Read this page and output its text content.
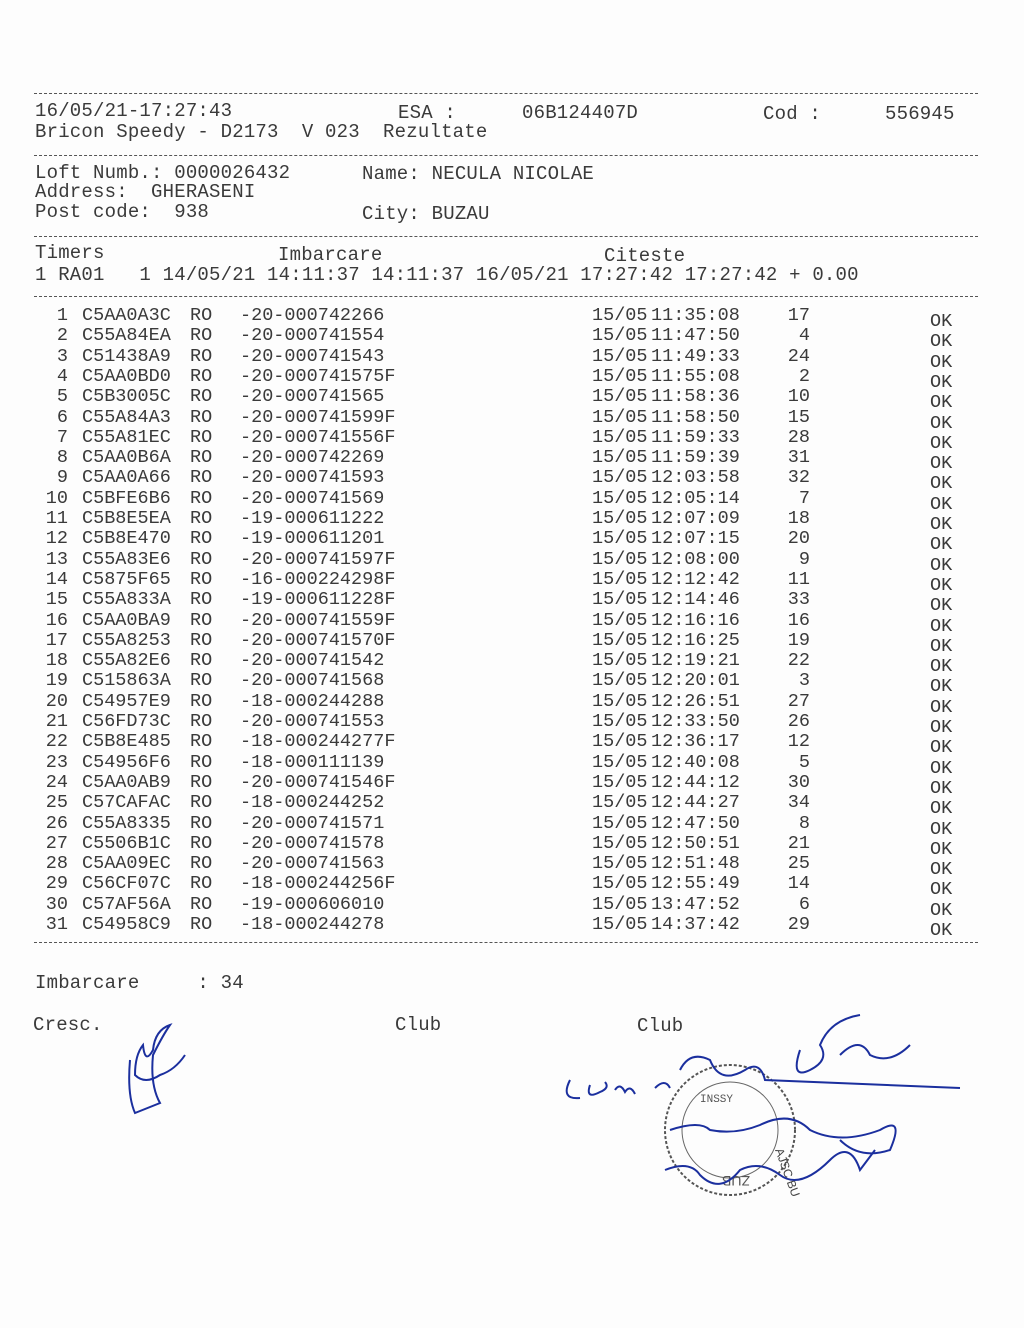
16/05/21-17:27:43	ESA :	06B124407D	Cod :	556945
Bricon Speedy - D2173  V 023  Rezultate
Loft Numb.: 0000026432	Name: NECULA NICOLAE
Address:  GHERASENI
Post code:  938	City: BUZAU
Timers	Imbarcare	Citeste
1 RA01   1 14/05/21 14:11:37 14:11:37 16/05/21 17:27:42 17:27:42 + 0.00
1 C5AA0A3C RO -20-000742266	15/05 11:35:08	17	OK
2 C55A84EA RO -20-000741554	15/05 11:47:50	4	OK
3 C51438A9 RO -20-000741543	15/05 11:49:33	24	OK
4 C5AA0BD0 RO -20-000741575F	15/05 11:55:08	2	OK
5 C5B3005C RO -20-000741565	15/05 11:58:36	10	OK
6 C55A84A3 RO -20-000741599F	15/05 11:58:50	15	OK
7 C55A81EC RO -20-000741556F	15/05 11:59:33	28	OK
8 C5AA0B6A RO -20-000742269	15/05 11:59:39	31	OK
9 C5AA0A66 RO -20-000741593	15/05 12:03:58	32	OK
10 C5BFE6B6 RO -20-000741569	15/05 12:05:14	7	OK
11 C5B8E5EA RO -19-000611222	15/05 12:07:09	18	OK
12 C5B8E470 RO -19-000611201	15/05 12:07:15	20	OK
13 C55A83E6 RO -20-000741597F	15/05 12:08:00	9	OK
14 C5875F65 RO -16-000224298F	15/05 12:12:42	11	OK
15 C55A833A RO -19-000611228F	15/05 12:14:46	33	OK
16 C5AA0BA9 RO -20-000741559F	15/05 12:16:16	16	OK
17 C55A8253 RO -20-000741570F	15/05 12:16:25	19	OK
18 C55A82E6 RO -20-000741542	15/05 12:19:21	22	OK
19 C515863A RO -20-000741568	15/05 12:20:01	3	OK
20 C54957E9 RO -18-000244288	15/05 12:26:51	27	OK
21 C56FD73C RO -20-000741553	15/05 12:33:50	26	OK
22 C5B8E485 RO -18-000244277F	15/05 12:36:17	12	OK
23 C54956F6 RO -18-000111139	15/05 12:40:08	5	OK
24 C5AA0AB9 RO -20-000741546F	15/05 12:44:12	30	OK
25 C57CAFAC RO -18-000244252	15/05 12:44:27	34	OK
26 C55A8335 RO -20-000741571	15/05 12:47:50	8	OK
27 C5506B1C RO -20-000741578	15/05 12:50:51	21	OK
28 C5AA09EC RO -20-000741563	15/05 12:51:48	25	OK
29 C56CF07C RO -18-000244256F	15/05 12:55:49	14	OK
30 C57AF56A RO -19-000606010	15/05 13:47:52	6	OK
31 C54958C9 RO -18-000244278	15/05 14:37:42	29	OK
Imbarcare     : 34
Cresc.	Club	Club
INSSY
ZUB AJSC BU
